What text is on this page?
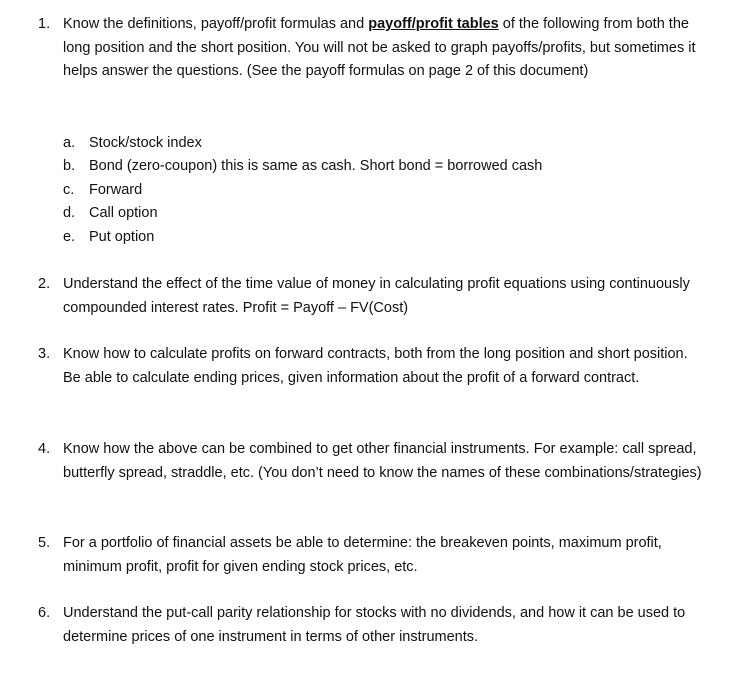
1. Know the definitions, payoff/profit formulas and payoff/profit tables of the following from both the long position and the short position. You will not be asked to graph payoffs/profits, but sometimes it helps answer the questions. (See the payoff formulas on page 2 of this document)
a. Stock/stock index
b. Bond (zero-coupon) this is same as cash. Short bond = borrowed cash
c. Forward
d. Call option
e. Put option
2. Understand the effect of the time value of money in calculating profit equations using continuously compounded interest rates. Profit = Payoff – FV(Cost)
3. Know how to calculate profits on forward contracts, both from the long position and short position. Be able to calculate ending prices, given information about the profit of a forward contract.
4. Know how the above can be combined to get other financial instruments. For example: call spread, butterfly spread, straddle, etc. (You don’t need to know the names of these combinations/strategies)
5. For a portfolio of financial assets be able to determine: the breakeven points, maximum profit, minimum profit, profit for given ending stock prices, etc.
6. Understand the put-call parity relationship for stocks with no dividends, and how it can be used to determine prices of one instrument in terms of other instruments.
